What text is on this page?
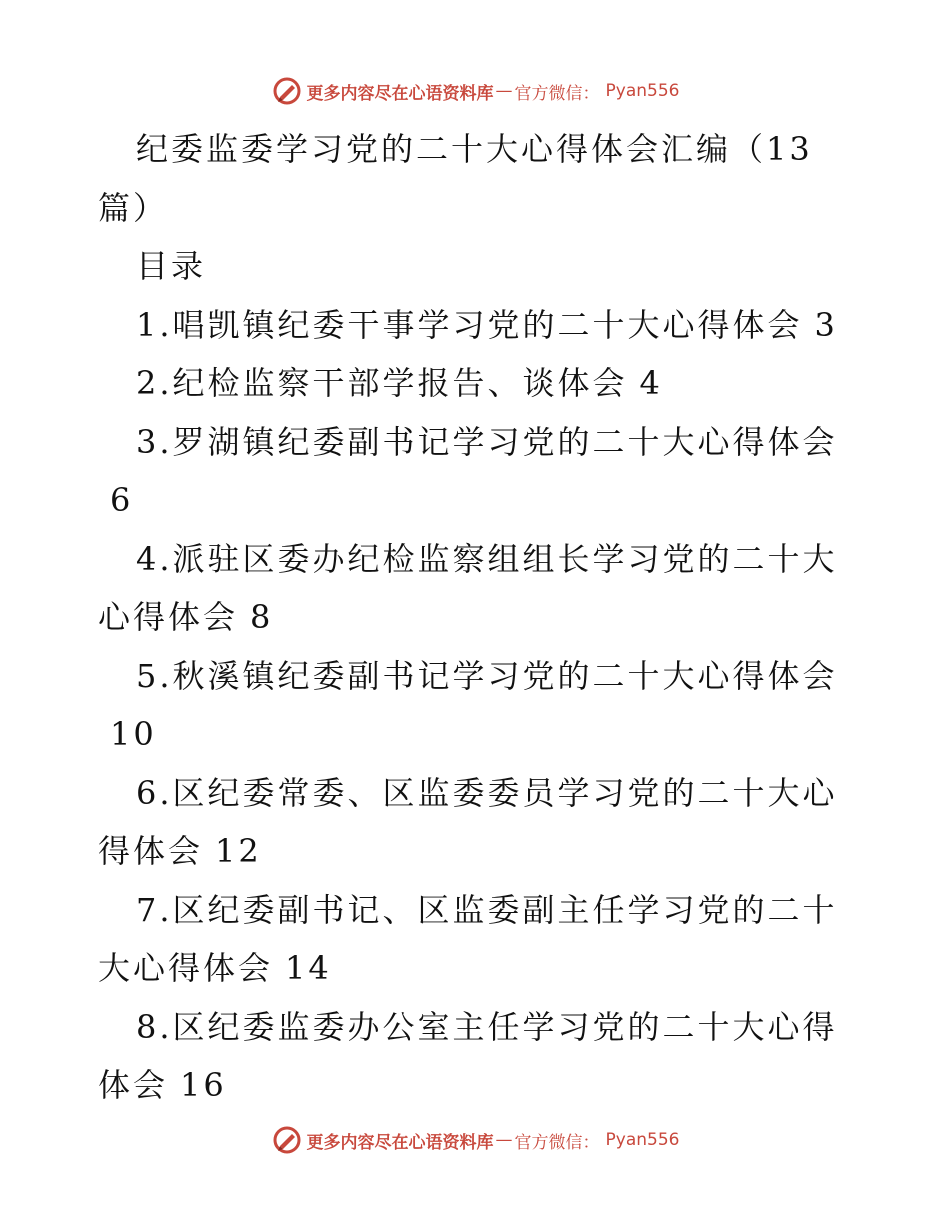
更多内容尽在心语资料库 — 官方微信： Pyan556

纪委监委学习党的二十大心得体会汇编（13篇）

目录

1.唱凯镇纪委干事学习党的二十大心得体会 3

2.纪检监察干部学报告、谈体会 4

3.罗湖镇纪委副书记学习党的二十大心得体会6

4.派驻区委办纪检监察组组长学习党的二十大心得体会 8

5.秋溪镇纪委副书记学习党的二十大心得体会10

6.区纪委常委、区监委委员学习党的二十大心得体会 12

7.区纪委副书记、区监委副主任学习党的二十大心得体会 14

8.区纪委监委办公室主任学习党的二十大心得体会 16

更多内容尽在心语资料库 — 官方微信： Pyan556
